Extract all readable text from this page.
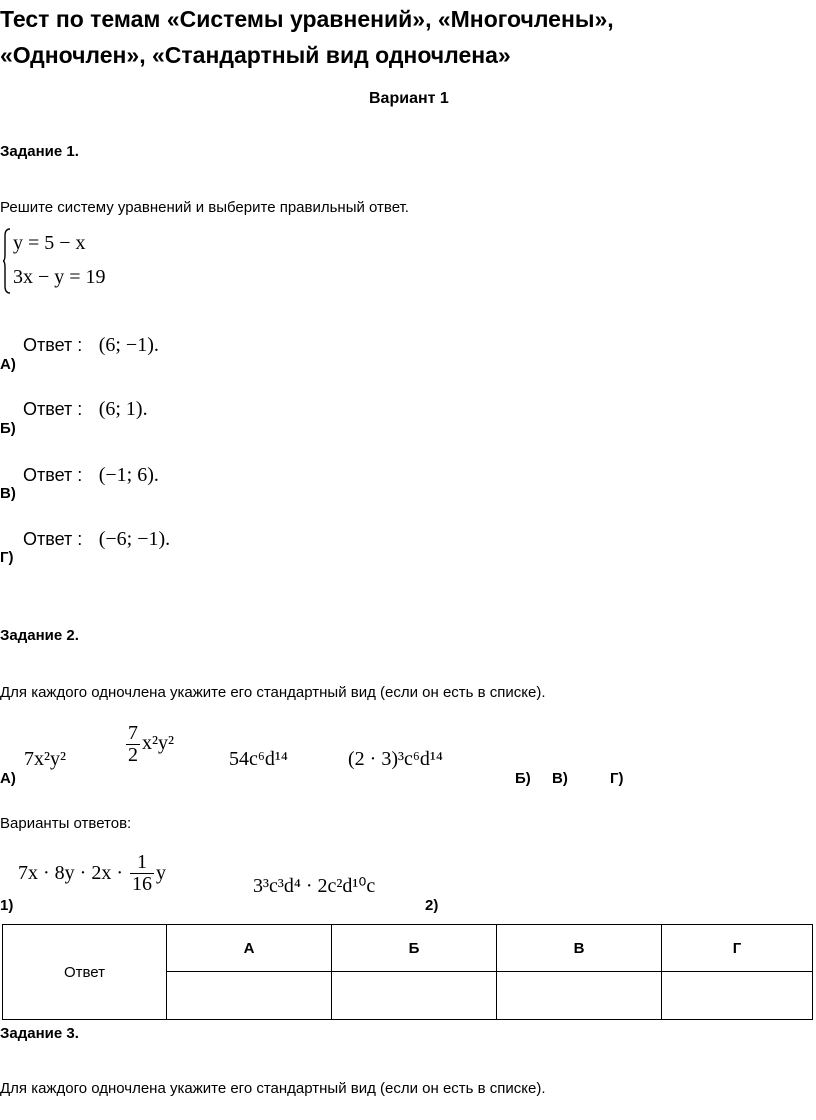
Тест по темам «Системы уравнений», «Многочлены»,
«Одночлен», «Стандартный вид одночлена»
Вариант 1
Задание 1.
Решите систему уравнений и выберите правильный ответ.
y = 5 − x
3x − y = 19
Ответ : (6; −1).
А)
Ответ : (6; 1).
Б)
Ответ : (−1; 6).
В)
Ответ : (−6; −1).
Г)
Задание 2.
Для каждого одночлена укажите его стандартный вид (если он есть в списке).
7x²y²	$\frac{7}{2} x^2y^2$
54c⁶d¹⁴	(2 · 3)³c⁶d¹⁴
А)	Б) В)	Г)
Варианты ответов:
$7x \cdot 8y \cdot 2x \cdot \frac{1}{16}$ y
3³c³d⁴ · 2c²d¹⁰c
1)	2)
Ответ	А	Б	В	Г

Задание 3.
Для каждого одночлена укажите его стандартный вид (если он есть в списке).
